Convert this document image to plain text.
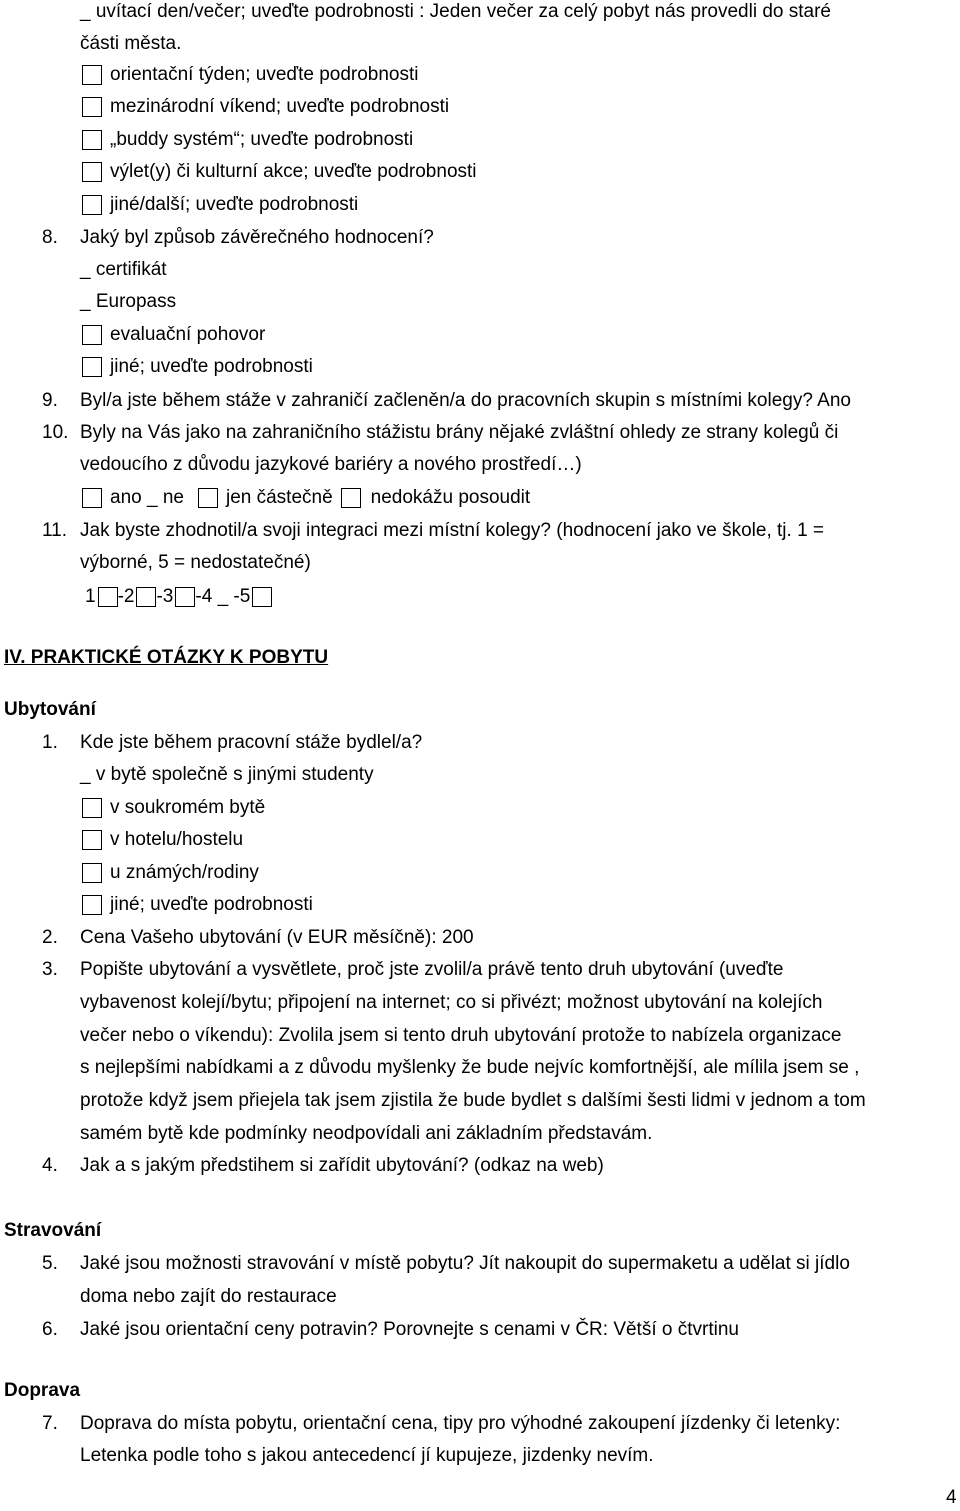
_ uvítací den/večer; uveďte podrobnosti : Jeden večer za celý pobyt nás provedli do staré
části města.
orientační týden; uveďte podrobnosti
mezinárodní víkend; uveďte podrobnosti
„buddy systém“; uveďte podrobnosti
výlet(y) či kulturní akce; uveďte podrobnosti
jiné/další; uveďte podrobnosti
8. Jaký byl způsob závěrečného hodnocení?
_ certifikát
_ Europass
evaluační pohovor
jiné; uveďte podrobnosti
9. Byl/a jste během stáže v zahraničí začleněn/a do pracovních skupin s místními kolegy? Ano
10. Byly na Vás jako na zahraničního stážistu brány nějaké zvláštní ohledy ze strany kolegů či
vedoucího z důvodu jazykové bariéry a nového prostředí…)
ano _ ne jen částečně nedokážu posoudit
11. Jak byste zhodnotil/a svoji integraci mezi místní kolegy? (hodnocení jako ve škole, tj. 1 =
výborné, 5 = nedostatečné)
1 -2 -3 -4 _ -5
IV. PRAKTICKÉ OTÁZKY K POBYTU
Ubytování
1. Kde jste během pracovní stáže bydlel/a?
_ v bytě společně s jinými studenty
v soukromém bytě
v hotelu/hostelu
u známých/rodiny
jiné; uveďte podrobnosti
2. Cena Vašeho ubytování (v EUR měsíčně): 200
3. Popište ubytování a vysvětlete, proč jste zvolil/a právě tento druh ubytování (uveďte
vybavenost kolejí/bytu; připojení na internet; co si přivézt; možnost ubytování na kolejích
večer nebo o víkendu): Zvolila jsem si tento druh ubytování protože to nabízela organizace
s nejlepšími nabídkami a z důvodu myšlenky že bude nejvíc komfortnější, ale mílila jsem se ,
protože když jsem přiejela tak jsem zjistila že bude bydlet s dalšími šesti lidmi v jednom a tom
samém bytě kde podmínky neodpovídali ani základním představám.
4. Jak a s jakým předstihem si zařídit ubytování? (odkaz na web)
Stravování
5. Jaké jsou možnosti stravování v místě pobytu? Jít nakoupit do supermaketu a udělat si jídlo
doma nebo zajít do restaurace
6. Jaké jsou orientační ceny potravin? Porovnejte s cenami v ČR: Větší o čtvrtinu
Doprava
7. Doprava do místa pobytu, orientační cena, tipy pro výhodné zakoupení jízdenky či letenky:
Letenka podle toho s jakou antecedencí jí kupujeze, jizdenky nevím.
4
